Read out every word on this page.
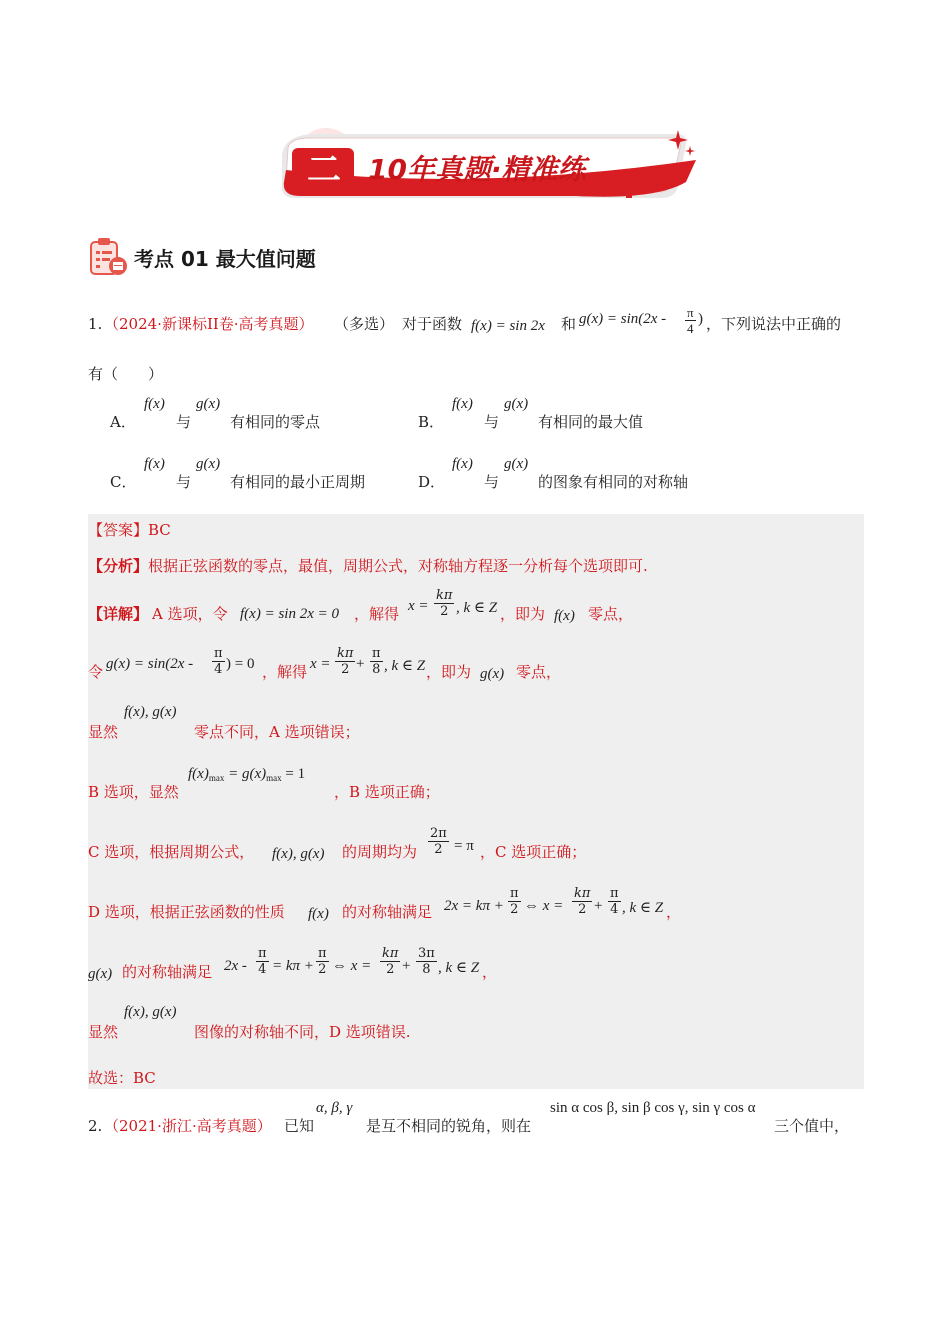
二 10年真题·精准练
考点 01 最大值问题
1. （2024·新课标II卷·高考真题） （多选） 对于函数 f(x) = sin 2x 和 $g(x) = \sin(2x - \frac{\pi}{4}$ ) ，下列说法中正确的
有（　　）
A．
f(x)
与
g(x)
有相同的零点	B．
f(x)
与
g(x)
有相同的最大值
C．
f(x)
与
g(x)
有相同的最小正周期	D．
f(x)
与
g(x)
的图象有相同的对称轴
【答案】BC
【分析】根据正弦函数的零点，最值，周期公式，对称轴方程逐一分析每个选项即可.
【详解】 A 选项，令 f(x) = sin 2x = 0 ，解得 $x = \frac{k\pi}{2}$ , k ∈ Z ，即为 f(x) 零点，
令 $g(x) = \sin(2x - \frac{\pi}{4}$ ) = 0 ，解得 $x = \frac{k\pi}{2} + \frac{\pi}{8}$ , k ∈ Z ，即为 g(x) 零点，
显然
f(x), g(x)
零点不同，A 选项错误；
B 选项，显然
$f(x)_{max} = g(x)_{max} = 1$
，B 选项正确；
C 选项，根据周期公式， f(x), g(x) 的周期均为 $\frac{2\pi}{2} = \pi$ ，C 选项正确；
D 选项，根据正弦函数的性质 f(x) 的对称轴满足 $2x = k\pi + \frac{\pi}{2}$ ⇔ $x = \frac{k\pi}{2} + \frac{\pi}{4}$ , k ∈ Z ，
g(x) 的对称轴满足 $2x - \frac{\pi}{4} = k\pi + \frac{\pi}{2}$ ⇔ $x = \frac{k\pi}{2} + \frac{3\pi}{8}$ , k ∈ Z ，
显然
f(x), g(x)
图像的对称轴不同，D 选项错误.
故选：BC
2. （2021·浙江·高考真题） 已知
α, β, γ
是互不相同的锐角，则在
sin α cos β, sin β cos γ, sin γ cos α
三个值中，
